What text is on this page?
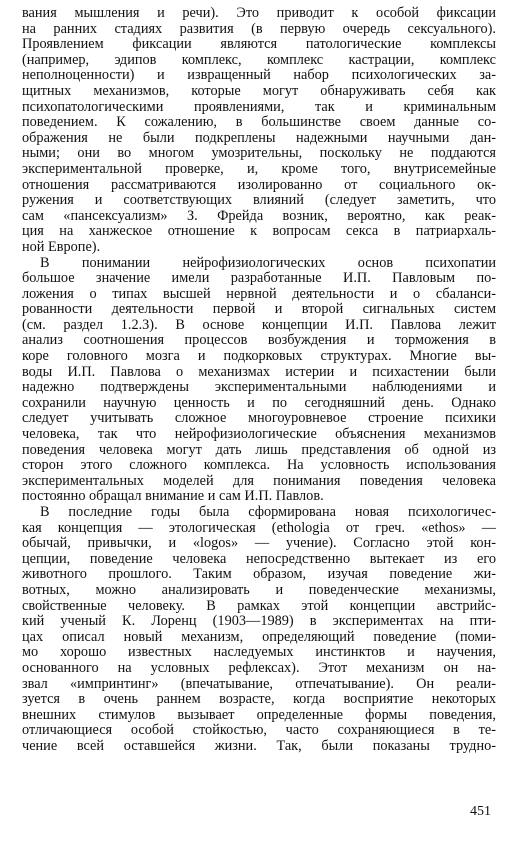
вания мышления и речи). Это приводит к особой фиксации
на ранних стадиях развития (в первую очередь сексуального).
Проявлением фиксации являются патологические комплексы
(например, эдипов комплекс, комплекс кастрации, комплекс
неполноценности) и извращенный набор психологических за-
щитных механизмов, которые могут обнаруживать себя как
психопатологическими проявлениями, так и криминальным
поведением. К сожалению, в большинстве своем данные со-
ображения не были подкреплены надежными научными дан-
ными; они во многом умозрительны, поскольку не поддаются
экспериментальной проверке, и, кроме того, внутрисемейные
отношения рассматриваются изолированно от социального ок-
ружения и соответствующих влияний (следует заметить, что
сам «пансексуализм» З. Фрейда возник, вероятно, как реак-
ция на ханжеское отношение к вопросам секса в патриархаль-
ной Европе).

В понимании нейрофизиологических основ психопатии
большое значение имели разработанные И.П. Павловым по-
ложения о типах высшей нервной деятельности и о сбаланси-
рованности деятельности первой и второй сигнальных систем
(см. раздел 1.2.3). В основе концепции И.П. Павлова лежит
анализ соотношения процессов возбуждения и торможения в
коре головного мозга и подкорковых структурах. Многие вы-
воды И.П. Павлова о механизмах истерии и психастении были
надежно подтверждены экспериментальными наблюдениями и
сохранили научную ценность и по сегодняшний день. Однако
следует учитывать сложное многоуровневое строение психики
человека, так что нейрофизиологические объяснения механизмов
поведения человека могут дать лишь представления об одной из
сторон этого сложного комплекса. На условность использования
экспериментальных моделей для понимания поведения человека
постоянно обращал внимание и сам И.П. Павлов.

В последние годы была сформирована новая психологичес-
кая концепция — этологическая (ethologia от греч. «ethos» —
обычай, привычки, и «logos» — учение). Согласно этой кон-
цепции, поведение человека непосредственно вытекает из его
животного прошлого. Таким образом, изучая поведение жи-
вотных, можно анализировать и поведенческие механизмы,
свойственные человеку. В рамках этой концепции австрийс-
кий ученый К. Лоренц (1903—1989) в экспериментах на пти-
цах описал новый механизм, определяющий поведение (поми-
мо хорошо известных наследуемых инстинктов и научения,
основанного на условных рефлексах). Этот механизм он на-
звал «импринтинг» (впечатывание, отпечатывание). Он реали-
зуется в очень раннем возрасте, когда восприятие некоторых
внешних стимулов вызывает определенные формы поведения,
отличающиеся особой стойкостью, часто сохраняющиеся в те-
чение всей оставшейся жизни. Так, были показаны трудно-

451
